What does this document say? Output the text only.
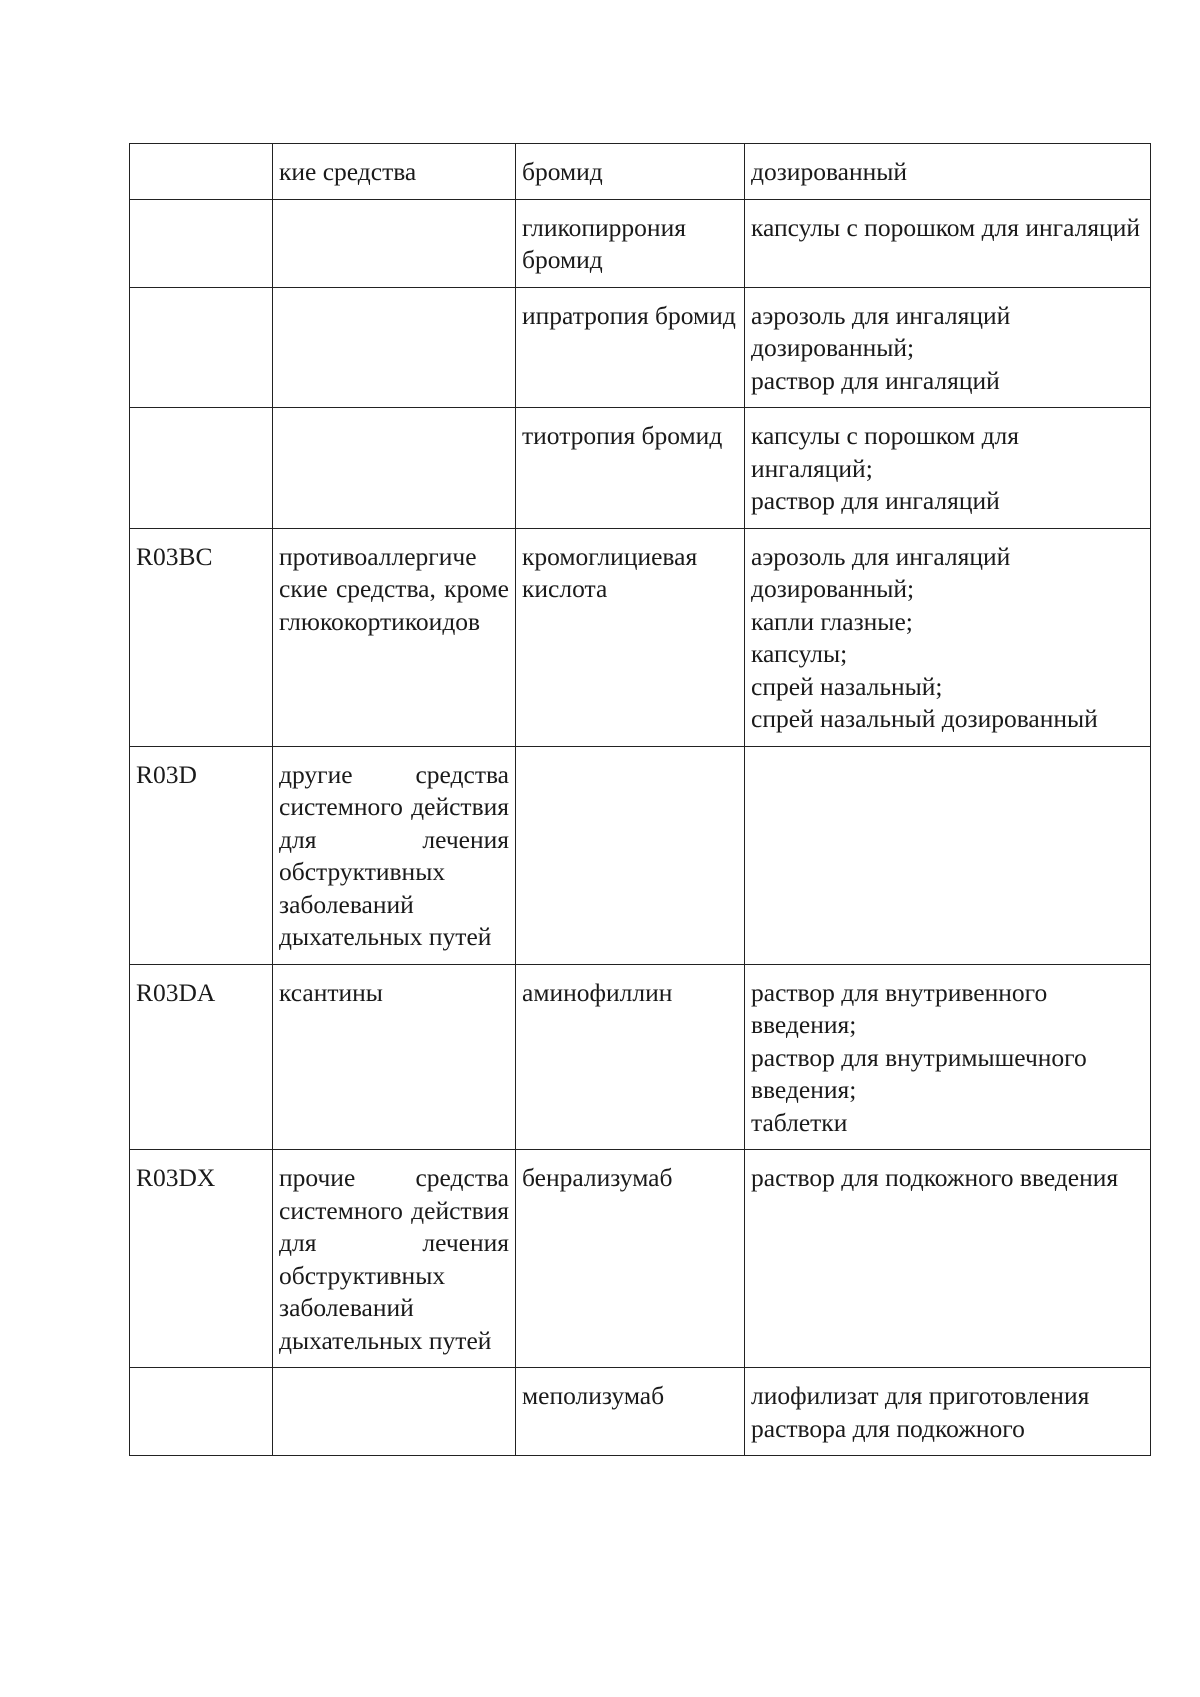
	кие средства	бромид	дозированный

		гликопиррония бромид	капсулы с порошком для ингаляций

		ипратропия бромид	аэрозоль для ингаляций дозированный;
раствор для ингаляций

		тиотропия бромид	капсулы с порошком для ингаляций;
раствор для ингаляций

R03BC	противоаллергиче ские средства, кроме глюкокортикоидов	кромоглициевая кислота	аэрозоль для ингаляций дозированный;
капли глазные;
капсулы;
спрей назальный;
спрей назальный дозированный

R03D	другие средства системного действия для лечения обструктивных заболеваний дыхательных путей		
R03DA	ксантины	аминофиллин	раствор для внутривенного введения;
раствор для внутримышечного введения;
таблетки

R03DX	прочие средства системного действия для лечения обструктивных заболеваний дыхательных путей	бенрализумаб	раствор для подкожного введения

		меполизумаб	лиофилизат для приготовления раствора для подкожного
